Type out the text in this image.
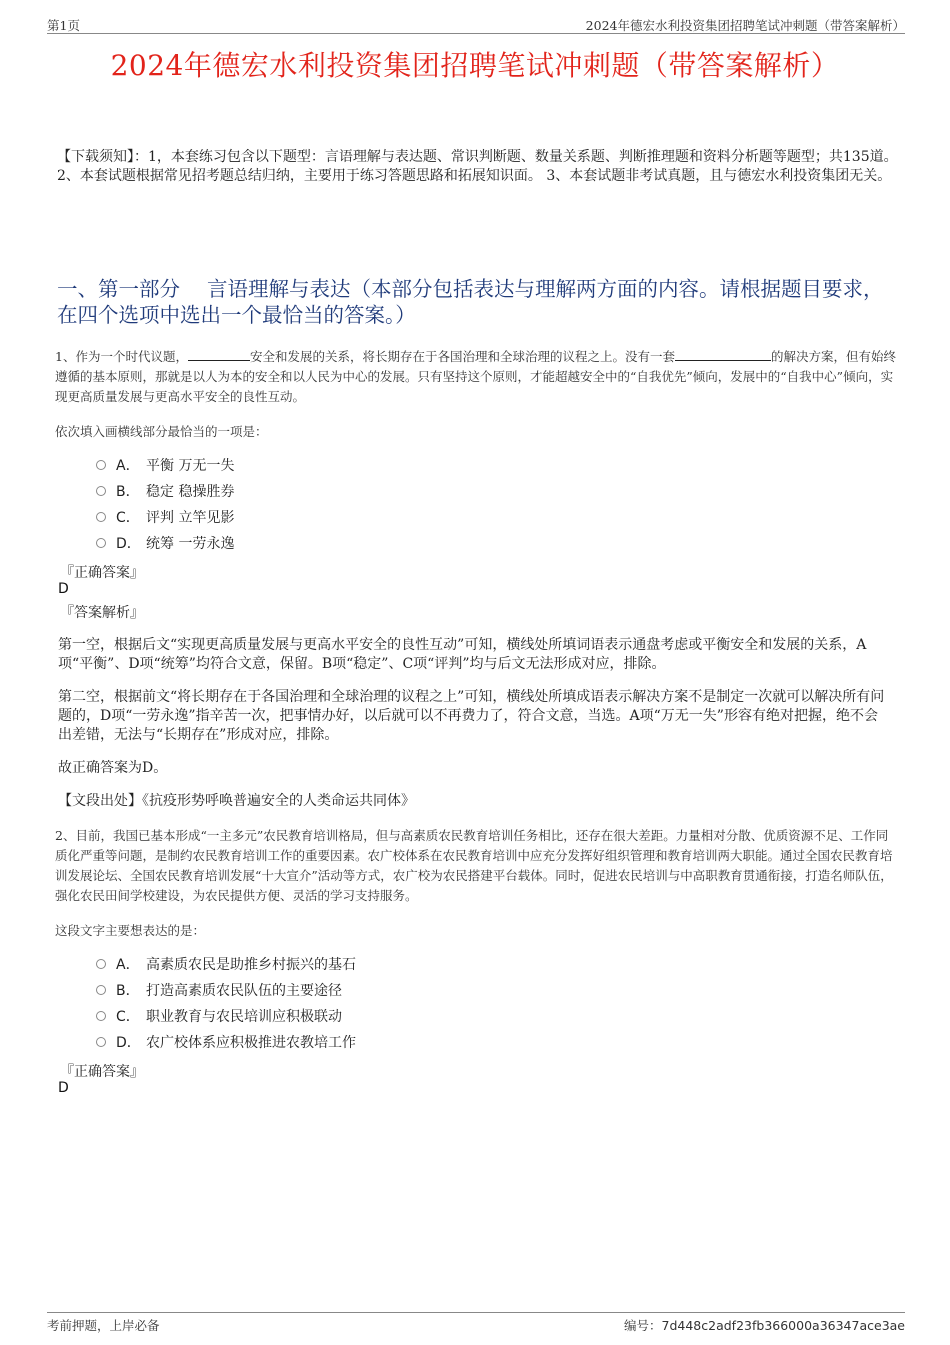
第1页	2024年德宏水利投资集团招聘笔试冲刺题（带答案解析）
2024年德宏水利投资集团招聘笔试冲刺题（带答案解析）
【下载须知】：1，本套练习包含以下题型：言语理解与表达题、常识判断题、数量关系题、判断推理题和资料分析题等题型；共135道。 2、本套试题根据常见招考题总结归纳，主要用于练习答题思路和拓展知识面。 3、本套试题非考试真题，且与德宏水利投资集团无关。
一、第一部分　 言语理解与表达（本部分包括表达与理解两方面的内容。请根据题目要求，在四个选项中选出一个最恰当的答案。）
1、作为一个时代议题，	安全和发展的关系，将长期存在于各国治理和全球治理的议程之上。没有一套	的解决方案，但有始终遵循的基本原则，那就是以人为本的安全和以人民为中心的发展。只有坚持这个原则，才能超越安全中的“自我优先”倾向，发展中的“自我中心”倾向，实现更高质量发展与更高水平安全的良性互动。
依次填入画横线部分最恰当的一项是：
A． 平衡 万无一失
B． 稳定 稳操胜券
C． 评判 立竿见影
D． 统筹 一劳永逸
『正确答案』
D
『答案解析』
第一空，根据后文“实现更高质量发展与更高水平安全的良性互动”可知，横线处所填词语表示通盘考虑或平衡安全和发展的关系，A项“平衡”、D项“统筹”均符合文意，保留。B项“稳定”、C项“评判”均与后文无法形成对应，排除。
第二空，根据前文“将长期存在于各国治理和全球治理的议程之上”可知，横线处所填成语表示解决方案不是制定一次就可以解决所有问题的，D项“一劳永逸”指辛苦一次，把事情办好，以后就可以不再费力了，符合文意，当选。A项“万无一失”形容有绝对把握，绝不会出差错，无法与“长期存在”形成对应，排除。
故正确答案为D。
【文段出处】《抗疫形势呼唤普遍安全的人类命运共同体》
2、目前，我国已基本形成“一主多元”农民教育培训格局，但与高素质农民教育培训任务相比，还存在很大差距。力量相对分散、优质资源不足、工作同质化严重等问题，是制约农民教育培训工作的重要因素。农广校体系在农民教育培训中应充分发挥好组织管理和教育培训两大职能。通过全国农民教育培训发展论坛、全国农民教育培训发展“十大宣介”活动等方式，农广校为农民搭建平台载体。同时，促进农民培训与中高职教育贯通衔接，打造名师队伍，强化农民田间学校建设，为农民提供方便、灵活的学习支持服务。
这段文字主要想表达的是：
A． 高素质农民是助推乡村振兴的基石
B． 打造高素质农民队伍的主要途径
C． 职业教育与农民培训应积极联动
D． 农广校体系应积极推进农教培工作
『正确答案』
D
考前押题，上岸必备	编号：7d448c2adf23fb366000a36347ace3ae
